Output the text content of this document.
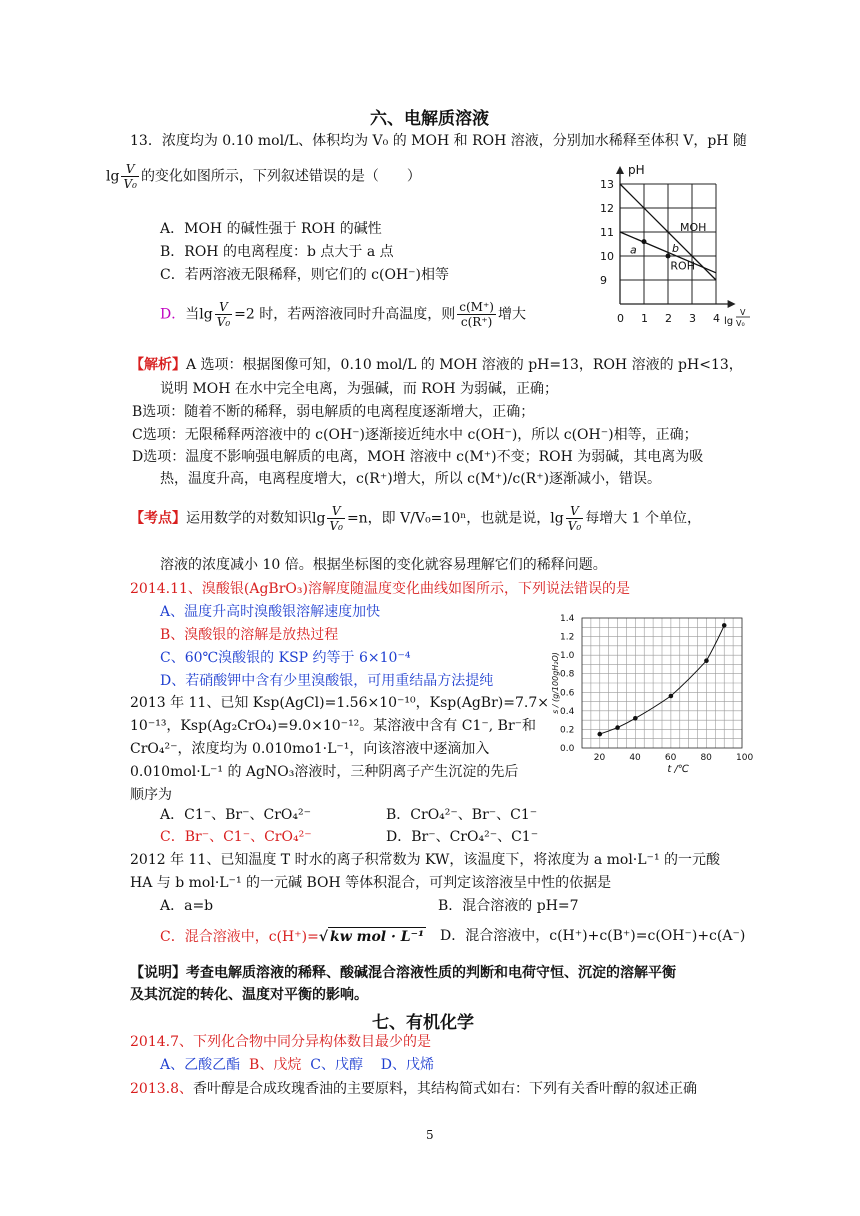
六、电解质溶液
13．浓度均为 0.10 mol/L、体积均为 V₀ 的 MOH 和 ROH 溶液，分别加水稀释至体积 V，pH 随
$\lg \frac{V}{\text{V₀}}$ 的变化如图所示，下列叙述错误的是（　　）
A．MOH 的碱性强于 ROH 的碱性
B．ROH 的电离程度：b 点大于 a 点
C．若两溶液无限稀释，则它们的 c(OH⁻)相等
D．当$\lg \frac{V}{\text{V₀}} =2$ 时，若两溶液同时升高温度，则 $\frac{c(M^+)}{c(R^+)}$ 增大
pH
13
12
11
10
9
0 1 2 3 4 lg
V
V₀
MOH
ROH
a	b
【解析】A 选项：根据图像可知，0.10 mol/L 的 MOH 溶液的 pH=13，ROH 溶液的 pH<13，
说明 MOH 在水中完全电离，为强碱，而 ROH 为弱碱，正确；
B选项：随着不断的稀释，弱电解质的电离程度逐渐增大，正确；
C选项：无限稀释两溶液中的 c(OH⁻)逐渐接近纯水中 c(OH⁻)，所以 c(OH⁻)相等，正确；
D选项：温度不影响强电解质的电离，MOH 溶液中 c(M⁺)不变；ROH 为弱碱，其电离为吸
热，温度升高，电离程度增大，c(R⁺)增大，所以 c(M⁺)/c(R⁺)逐渐减小，错误。
【考点】运用数学的对数知识$\lg \frac{V}{\text{V₀}} =n$，即 V/V₀=10ⁿ，也就是说，$\lg \frac{V}{\text{V₀}}$ 每增大 1 个单位，
溶液的浓度减小 10 倍。根据坐标图的变化就容易理解它们的稀释问题。
2014.11、溴酸银(AgBrO₃)溶解度随温度变化曲线如图所示，下列说法错误的是
A、温度升高时溴酸银溶解速度加快
B、溴酸银的溶解是放热过程
C、60℃溴酸银的 KSP 约等于 6×10⁻⁴
D、若硝酸钾中含有少里溴酸银，可用重结晶方法提纯
1.4
1.2
1.0
0.8
0.6
0.4
0.2
0.0
20	40	60	80	100
t /℃
s / (g/100gH₂O)
2013 年 11、已知 Ksp(AgCl)=1.56×10⁻¹⁰，Ksp(AgBr)=7.7×
10⁻¹³，Ksp(Ag₂CrO₄)=9.0×10⁻¹²。某溶液中含有 C1⁻, Br⁻和
CrO₄²⁻，浓度均为 0.010mo1·L⁻¹，向该溶液中逐滴加入
0.010mol·L⁻¹ 的 AgNO₃溶液时，三种阴离子产生沉淀的先后
顺序为
A．C1⁻、Br⁻、CrO₄²⁻	B．CrO₄²⁻、Br⁻、C1⁻
C．Br⁻、C1⁻、CrO₄²⁻	D．Br⁻、CrO₄²⁻、C1⁻
2012 年 11、已知温度 T 时水的离子积常数为 KW，该温度下，将浓度为 a mol·L⁻¹ 的一元酸
HA 与 b mol·L⁻¹ 的一元碱 BOH 等体积混合，可判定该溶液呈中性的依据是
A．a=b	B．混合溶液的 pH=7
C．混合溶液中，c(H⁺)=√ kw mol · L⁻¹ D．混合溶液中，c(H⁺)+c(B⁺)=c(OH⁻)+c(A⁻)
【说明】考查电解质溶液的稀释、酸碱混合溶液性质的判断和电荷守恒、沉淀的溶解平衡
及其沉淀的转化、温度对平衡的影响。
七、有机化学
2014.7、下列化合物中同分异构体数目最少的是
A、乙酸乙酯 B、戊烷 C、戊醇 D、戊烯
2013.8、香叶醇是合成玫瑰香油的主要原料，其结构简式如右：下列有关香叶醇的叙述正确
5
